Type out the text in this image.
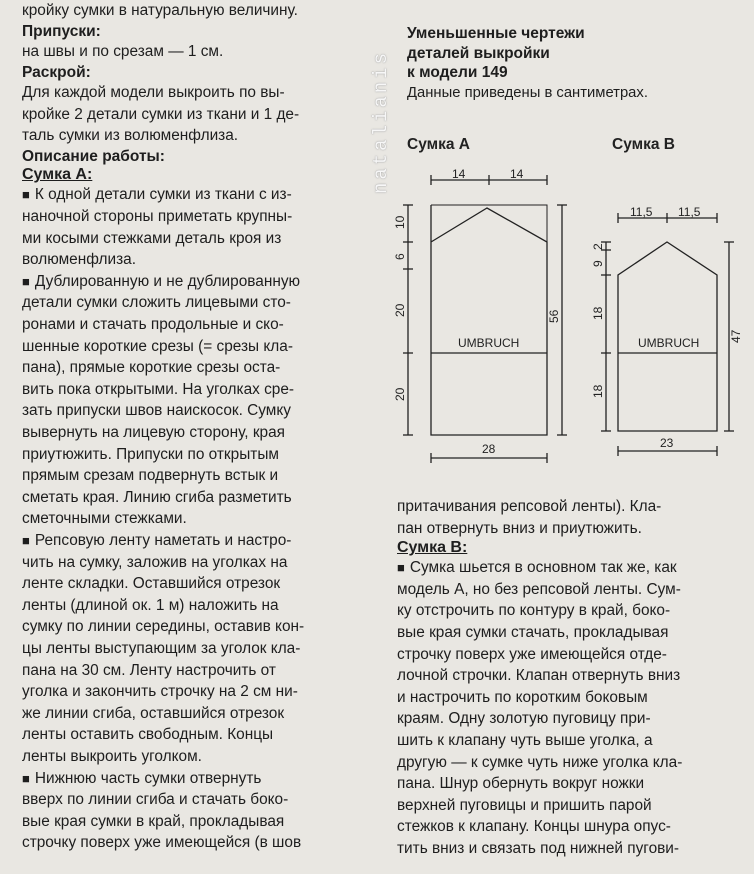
кройку сумки в натуральную величину.
Припуски:
на швы и по срезам — 1 см.
Раскрой:
Для каждой модели выкроить по вы-
кройке 2 детали сумки из ткани и 1 де-
таль сумки из волюменфлиза.
Описание работы:
Сумка А:
■ К одной детали сумки из ткани с из-
наночной стороны приметать крупны-
ми косыми стежками деталь кроя из
волюменфлиза.
■ Дублированную и не дублированную
детали сумки сложить лицевыми сто-
ронами и стачать продольные и ско-
шенные короткие срезы (= срезы кла-
пана), прямые короткие срезы оста-
вить пока открытыми. На уголках сре-
зать припуски швов наискосок. Сумку
вывернуть на лицевую сторону, края
приутюжить. Припуски по открытым
прямым срезам подвернуть встык и
сметать края. Линию сгиба разметить
сметочными стежками.
■ Репсовую ленту наметать и настро-
чить на сумку, заложив на уголках на
ленте складки. Оставшийся отрезок
ленты (длиной ок. 1 м) наложить на
сумку по линии середины, оставив кон-
цы ленты выступающим за уголок кла-
пана на 30 см. Ленту настрочить от
уголка и закончить строчку на 2 см ни-
же линии сгиба, оставшийся отрезок
ленты оставить свободным. Концы
ленты выкроить уголком.
■ Нижнюю часть сумки отвернуть
вверх по линии сгиба и стачать боко-
вые края сумки в край, прокладывая
строчку поверх уже имеющейся (в шов
Уменьшенные чертежи
деталей выкройки
к модели 149
Данные приведены в сантиметрах.
Сумка А	Сумка В
14	14
10
6
20
20
56
28
UMBRUCH
11,5 11,5
2
9
18
18
47
23
UMBRUCH
natalianis
притачивания репсовой ленты). Кла-
пан отвернуть вниз и приутюжить.
Сумка В:
■ Сумка шьется в основном так же, как
модель А, но без репсовой ленты. Сум-
ку отстрочить по контуру в край, боко-
вые края сумки стачать, прокладывая
строчку поверх уже имеющейся отде-
лочной строчки. Клапан отвернуть вниз
и настрочить по коротким боковым
краям. Одну золотую пуговицу при-
шить к клапану чуть выше уголка, а
другую — к сумке чуть ниже уголка кла-
пана. Шнур обернуть вокруг ножки
верхней пуговицы и пришить парой
стежков к клапану. Концы шнура опус-
тить вниз и связать под нижней пугови-
